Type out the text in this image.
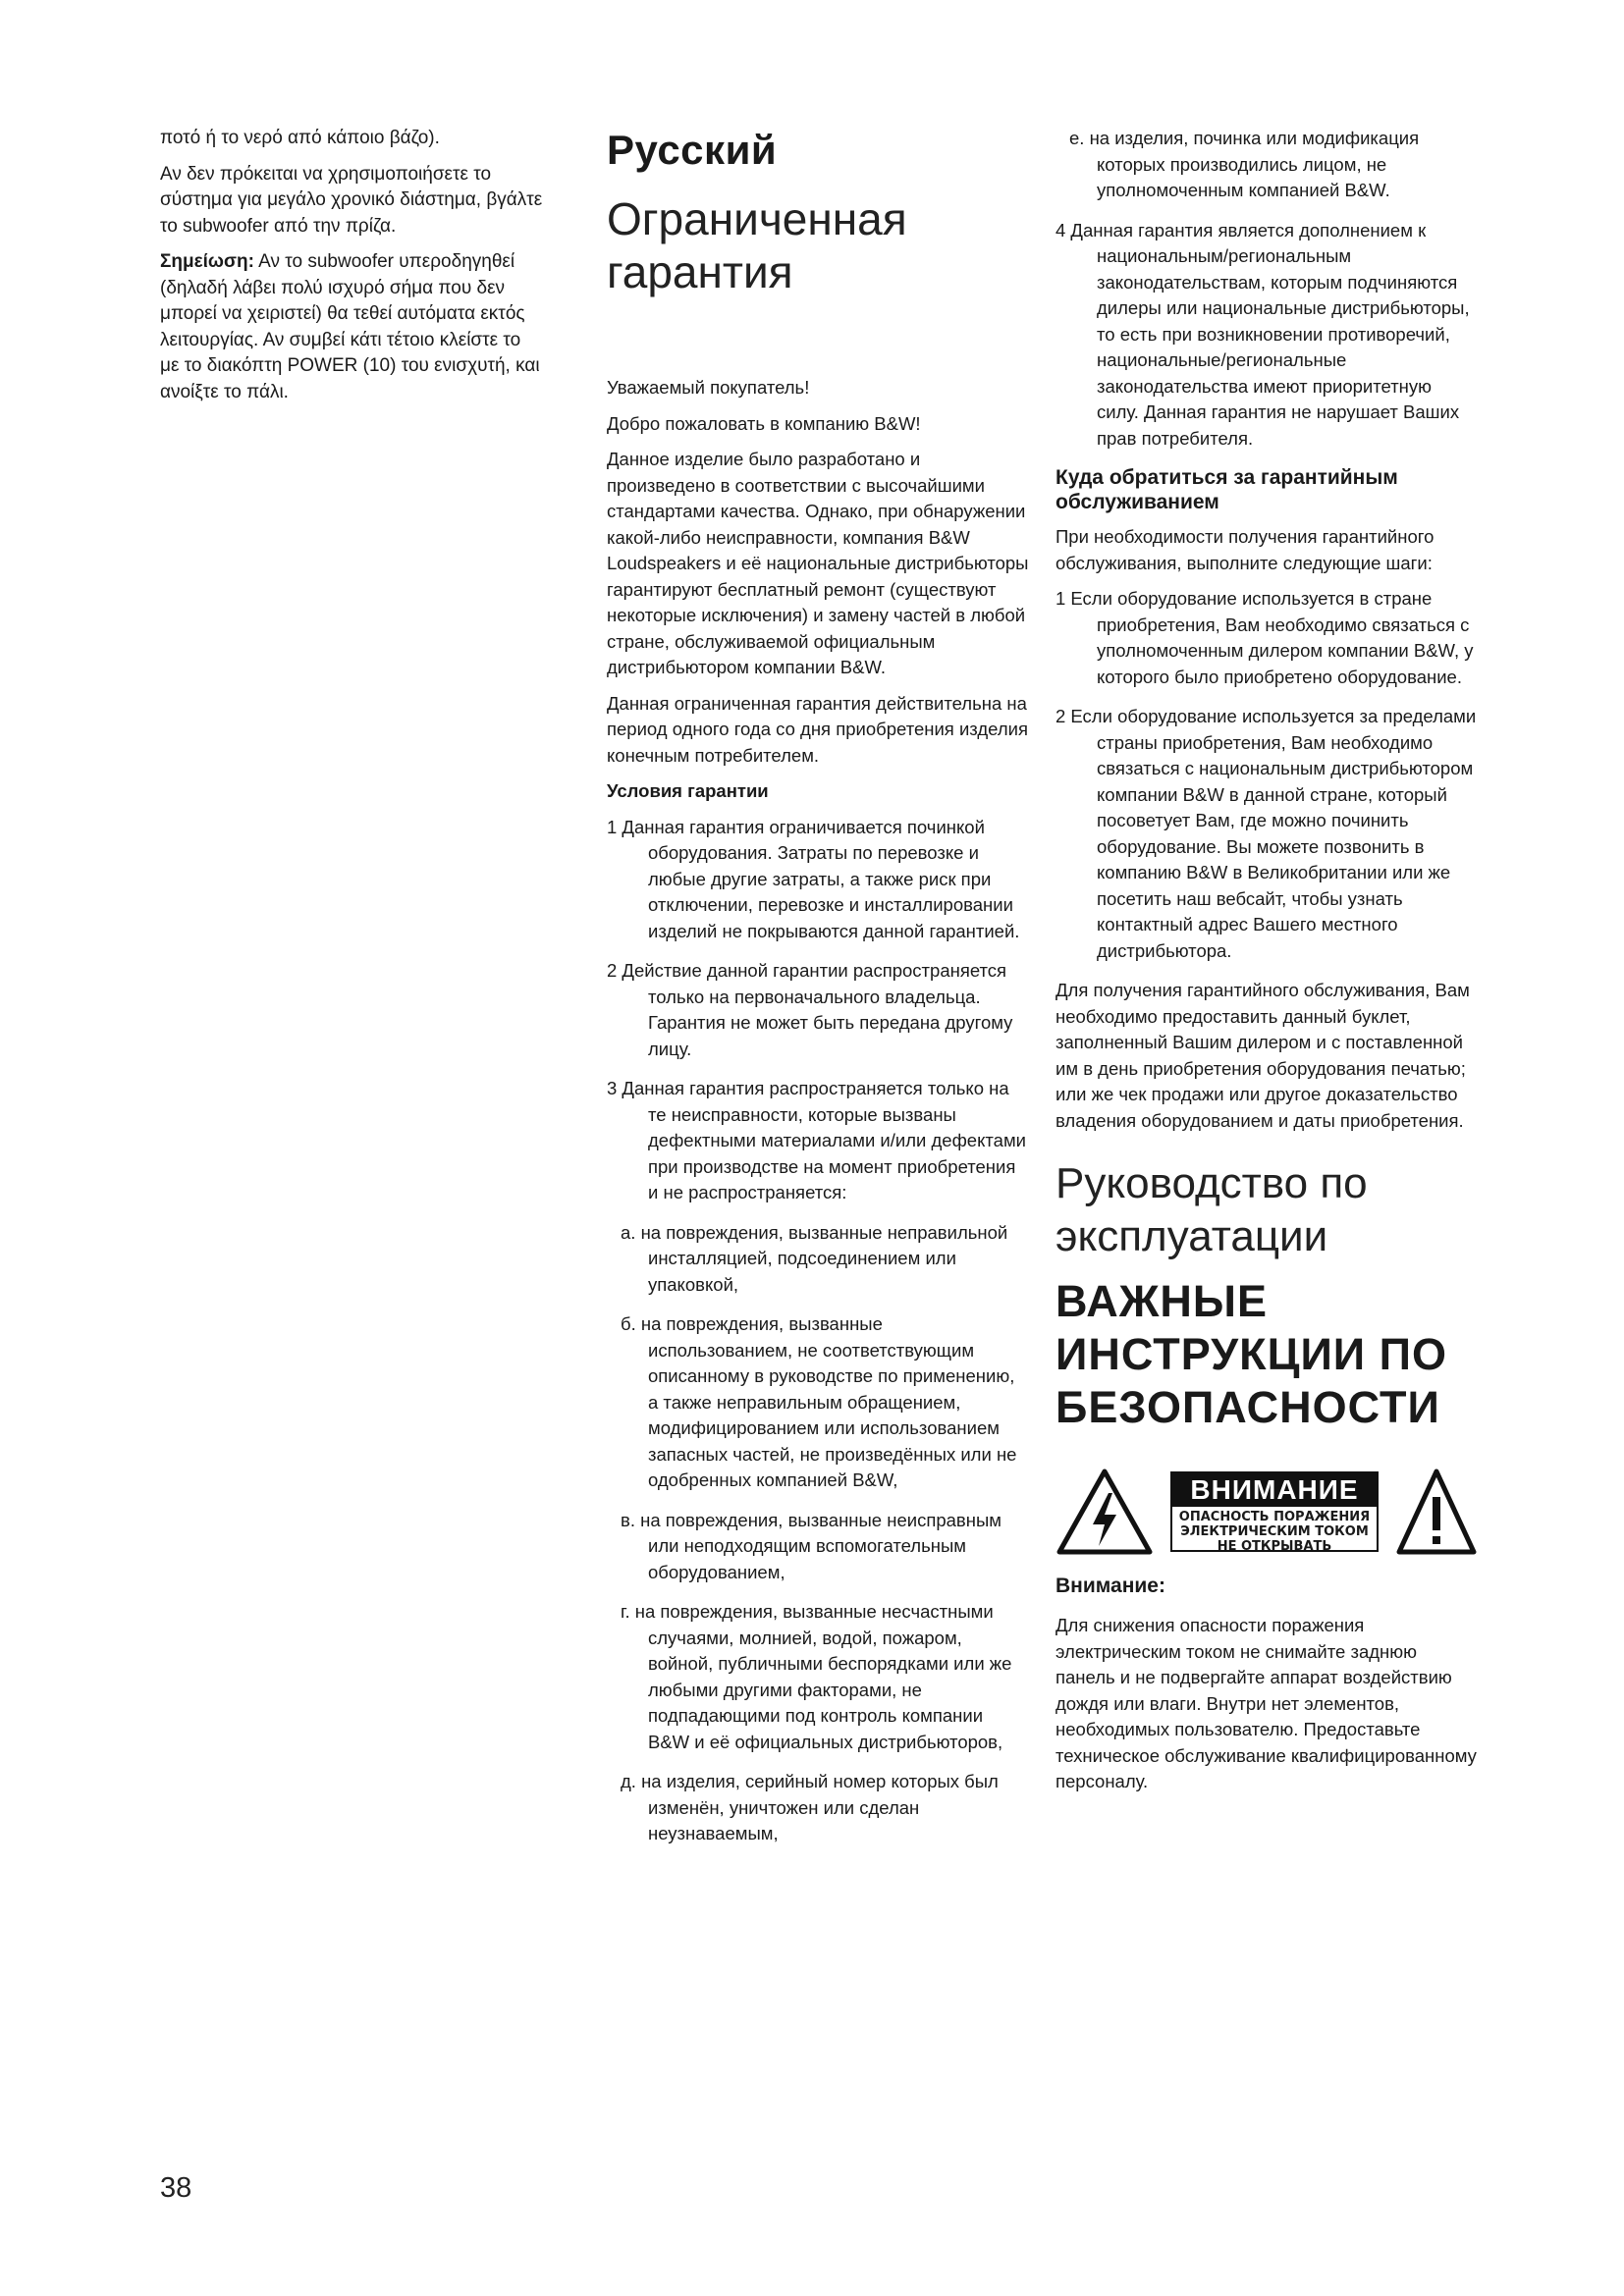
ποτό ή το νερό από κάποιο βάζο).

Αν δεν πρόκειται να χρησιμοποιήσετε το σύστημα για μεγάλο χρονικό διάστημα, βγάλτε το subwoofer από την πρίζα.

Σημείωση: Αν το subwoofer υπεροδηγηθεί (δηλαδή λάβει πολύ ισχυρό σήμα που δεν μπορεί να χειριστεί) θα τεθεί αυτόματα εκτός λειτουργίας. Αν συμβεί κάτι τέτοιο κλείστε το με το διακόπτη POWER (10) του ενισχυτή, και ανοίξτε το πάλι.

Русский
Ограниченная гарантия

Уважаемый покупатель!

Добро пожаловать в компанию B&W!

Данное изделие было разработано и произведено в соответствии с высочайшими стандартами качества. Однако, при обнаружении какой-либо неисправности, компания B&W Loudspeakers и её национальные дистрибьюторы гарантируют бесплатный ремонт (существуют некоторые исключения) и замену частей в любой стране, обслуживаемой официальным дистрибьютором компании B&W.

Данная ограниченная гарантия действительна на период одного года со дня приобретения изделия конечным потребителем.

Условия гарантии

1 Данная гарантия ограничивается починкой оборудования. Затраты по перевозке и любые другие затраты, а также риск при отключении, перевозке и инсталлировании изделий не покрываются данной гарантией.

2 Действие данной гарантии распространяется только на первоначального владельца. Гарантия не может быть передана другому лицу.

3 Данная гарантия распространяется только на те неисправности, которые вызваны дефектными материалами и/или дефектами при производстве на момент приобретения и не распространяется:

а. на повреждения, вызванные неправильной инсталляцией, подсоединением или упаковкой,

б. на повреждения, вызванные использованием, не соответствующим описанному в руководстве по применению, а также неправильным обращением, модифицированием или использованием запасных частей, не произведённых или не одобренных компанией B&W,

в. на повреждения, вызванные неисправным или неподходящим вспомогательным оборудованием,

г. на повреждения, вызванные несчастными случаями, молнией, водой, пожаром, войной, публичными беспорядками или же любыми другими факторами, не подпадающими под контроль компании B&W и её официальных дистрибьюторов,

д. на изделия, серийный номер которых был изменён, уничтожен или сделан неузнаваемым,

е. на изделия, починка или модификация которых производились лицом, не уполномоченным компанией B&W.

4 Данная гарантия является дополнением к национальным/региональным законодательствам, которым подчиняются дилеры или национальные дистрибьюторы, то есть при возникновении противоречий, национальные/региональные законодательства имеют приоритетную силу. Данная гарантия не нарушает Ваших прав потребителя.

Куда обратиться за гарантийным обслуживанием

При необходимости получения гарантийного обслуживания, выполните следующие шаги:

1 Если оборудование используется в стране приобретения, Вам необходимо связаться с уполномоченным дилером компании B&W, у которого было приобретено оборудование.

2 Если оборудование используется за пределами страны приобретения, Вам необходимо связаться с национальным дистрибьютором компании B&W в данной стране, который посоветует Вам, где можно починить оборудование. Вы можете позвонить в компанию B&W в Великобритании или же посетить наш вебсайт, чтобы узнать контактный адрес Вашего местного дистрибьютора.

Для получения гарантийного обслуживания, Вам необходимо предоставить данный буклет, заполненный Вашим дилером и с поставленной им в день приобретения оборудования печатью; или же чек продажи или другое доказательство владения оборудованием и даты приобретения.

Руководство по эксплуатации
ВАЖНЫЕ ИНСТРУКЦИИ ПО БЕЗОПАСНОСТИ
ВНИМАНИЕ
ОПАСНОСТЬ ПОРАЖЕНИЯ
ЭЛЕКТРИЧЕСКИМ ТОКОМ
НЕ ОТКРЫВАТЬ
Внимание:

Для снижения опасности поражения электрическим током не снимайте заднюю панель и не подвергайте аппарат воздействию дождя или влаги. Внутри нет элементов, необходимых пользователю. Предоставьте техническое обслуживание квалифицированному персоналу.

38
